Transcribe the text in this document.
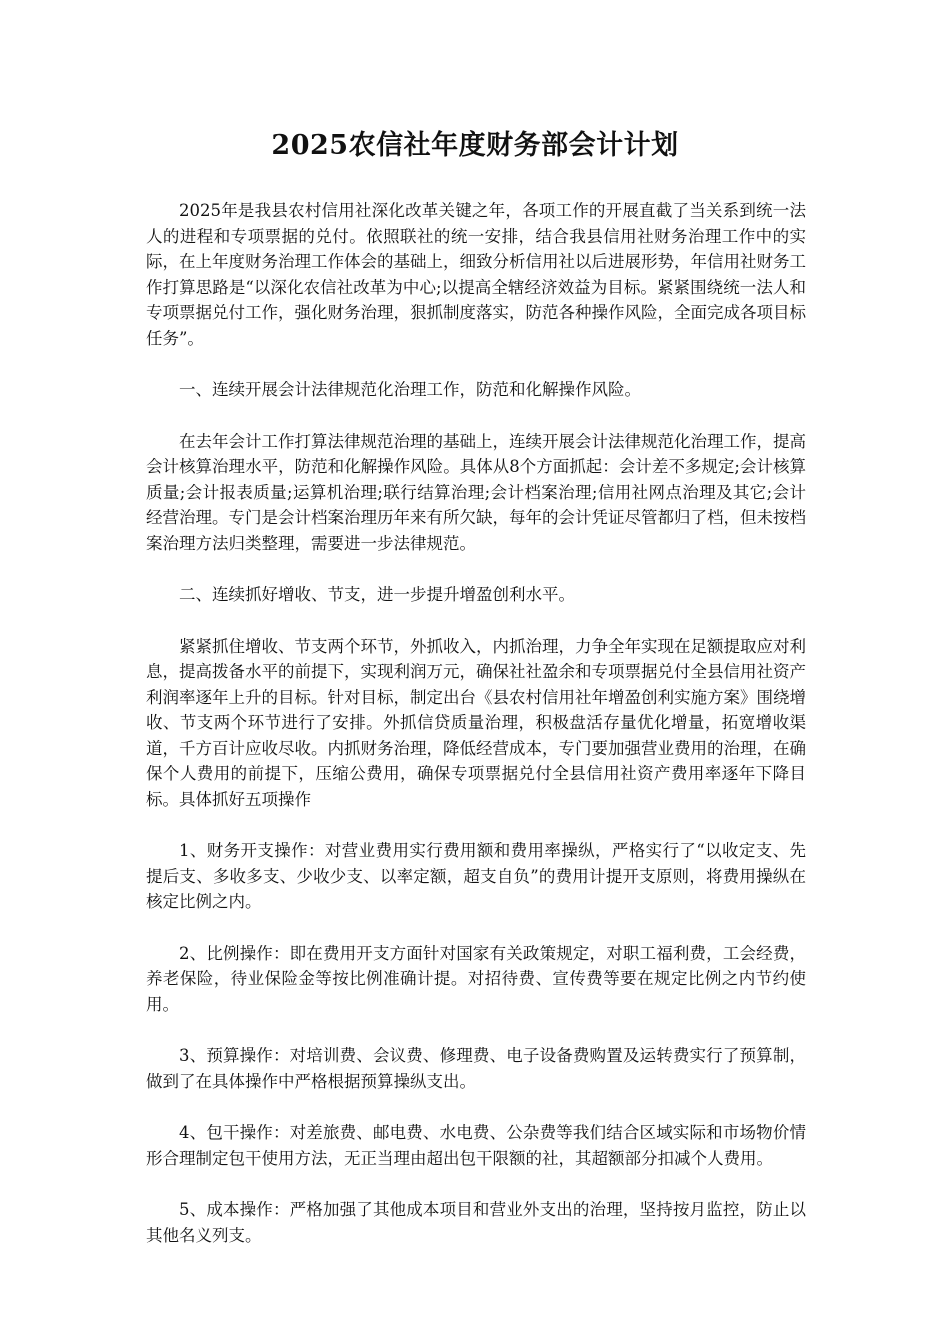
2025农信社年度财务部会计计划

2025年是我县农村信用社深化改革关键之年，各项工作的开展直截了当关系到统一法人的进程和专项票据的兑付。依照联社的统一安排，结合我县信用社财务治理工作中的实际，在上年度财务治理工作体会的基础上，细致分析信用社以后进展形势，年信用社财务工作打算思路是“以深化农信社改革为中心;以提高全辖经济效益为目标。紧紧围绕统一法人和专项票据兑付工作，强化财务治理，狠抓制度落实，防范各种操作风险，全面完成各项目标任务”。

一、连续开展会计法律规范化治理工作，防范和化解操作风险。

在去年会计工作打算法律规范治理的基础上，连续开展会计法律规范化治理工作，提高会计核算治理水平，防范和化解操作风险。具体从8个方面抓起：会计差不多规定;会计核算质量;会计报表质量;运算机治理;联行结算治理;会计档案治理;信用社网点治理及其它;会计经营治理。专门是会计档案治理历年来有所欠缺，每年的会计凭证尽管都归了档，但未按档案治理方法归类整理，需要进一步法律规范。

二、连续抓好增收、节支，进一步提升增盈创利水平。

紧紧抓住增收、节支两个环节，外抓收入，内抓治理，力争全年实现在足额提取应对利息，提高拨备水平的前提下，实现利润万元，确保社社盈余和专项票据兑付全县信用社资产利润率逐年上升的目标。针对目标，制定出台《县农村信用社年增盈创利实施方案》围绕增收、节支两个环节进行了安排。外抓信贷质量治理，积极盘活存量优化增量，拓宽增收渠道，千方百计应收尽收。内抓财务治理，降低经营成本，专门要加强营业费用的治理，在确保个人费用的前提下，压缩公费用，确保专项票据兑付全县信用社资产费用率逐年下降目标。具体抓好五项操作

1、财务开支操作：对营业费用实行费用额和费用率操纵，严格实行了“以收定支、先提后支、多收多支、少收少支、以率定额，超支自负”的费用计提开支原则，将费用操纵在核定比例之内。

2、比例操作：即在费用开支方面针对国家有关政策规定，对职工福利费，工会经费，养老保险，待业保险金等按比例准确计提。对招待费、宣传费等要在规定比例之内节约使用。

3、预算操作：对培训费、会议费、修理费、电子设备费购置及运转费实行了预算制，做到了在具体操作中严格根据预算操纵支出。

4、包干操作：对差旅费、邮电费、水电费、公杂费等我们结合区域实际和市场物价情形合理制定包干使用方法，无正当理由超出包干限额的社，其超额部分扣减个人费用。

5、成本操作：严格加强了其他成本项目和营业外支出的治理，坚持按月监控，防止以其他名义列支。
